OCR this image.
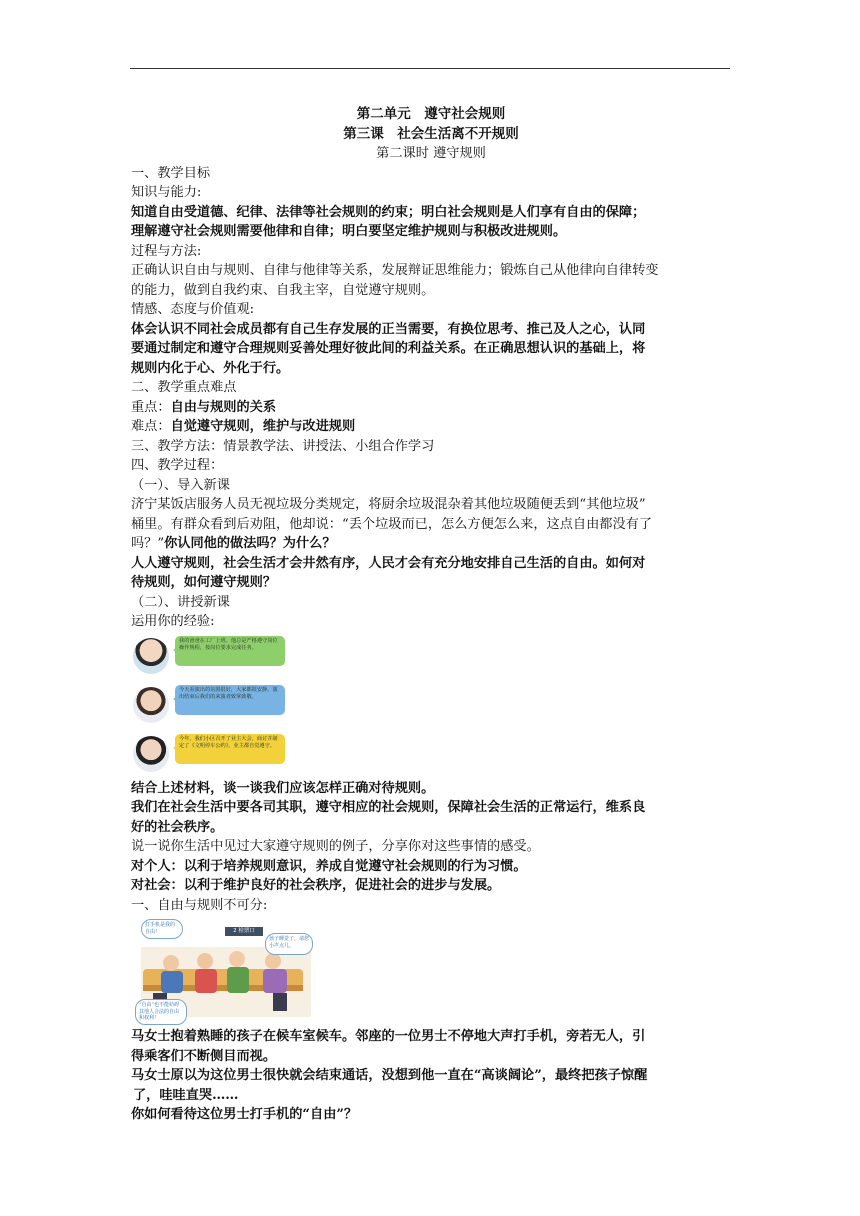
第二单元　遵守社会规则
第三课　社会生活离不开规则
第二课时 遵守规则
一、教学目标
知识与能力:
知道自由受道德、纪律、法律等社会规则的约束；明白社会规则是人们享有自由的保障；
理解遵守社会规则需要他律和自律；明白要坚定维护规则与积极改进规则。
过程与方法:
正确认识自由与规则、自律与他律等关系，发展辩证思维能力；锻炼自己从他律向自律转变
的能力，做到自我约束、自我主宰，自觉遵守规则。
情感、态度与价值观:
体会认识不同社会成员都有自己生存发展的正当需要，有换位思考、推己及人之心，认同
要通过制定和遵守合理规则妥善处理好彼此间的利益关系。在正确思想认识的基础上，将
规则内化于心、外化于行。
二、教学重点难点
重点：自由与规则的关系
难点：自觉遵守规则，维护与改进规则
三、教学方法：情景教学法、讲授法、小组合作学习
四、教学过程：
（一）、导入新课
济宁某饭店服务人员无视垃圾分类规定，将厨余垃圾混杂着其他垃圾随便丢到“其他垃圾”
桶里。有群众看到后劝阻，他却说：“丢个垃圾而已，怎么方便怎么来，这点自由都没有了
吗？”你认同他的做法吗？为什么？
人人遵守规则，社会生活才会井然有序，人民才会有充分地安排自己生活的自由。如何对
待规则，如何遵守规则？
（二）、讲授新课
运用你的经验:
我的爸爸在工厂上班。他总是严格遵守岗位操作规程，按岗位要求完成任务。
今天看演出的氛围很好，大家都很安静，演出结束后我们的来演者致掌致敬。
今年，我们小区召开了业主大会，商讨并制定了《文明停车公约》，业主都自觉遵守。
结合上述材料，谈一谈我们应该怎样正确对待规则。
我们在社会生活中要各司其职，遵守相应的社会规则，保障社会生活的正常运行，维系良
好的社会秩序。
说一说你生活中见过大家遵守规则的例子，分享你对这些事情的感受。
对个人：以利于培养规则意识，养成自觉遵守社会规则的行为习惯。
对社会：以利于维护良好的社会秩序，促进社会的进步与发展。
一、自由与规则不可分:
打手机是我的自由！	2 检票口
孩子睡觉了，请您小声点儿。
“自由”也不能妨碍其他人合法的自由和权利！
马女士抱着熟睡的孩子在候车室候车。邻座的一位男士不停地大声打手机，旁若无人，引
得乘客们不断侧目而视。
马女士原以为这位男士很快就会结束通话，没想到他一直在“高谈阔论”，最终把孩子惊醒
了，哇哇直哭……
你如何看待这位男士打手机的“自由”？
